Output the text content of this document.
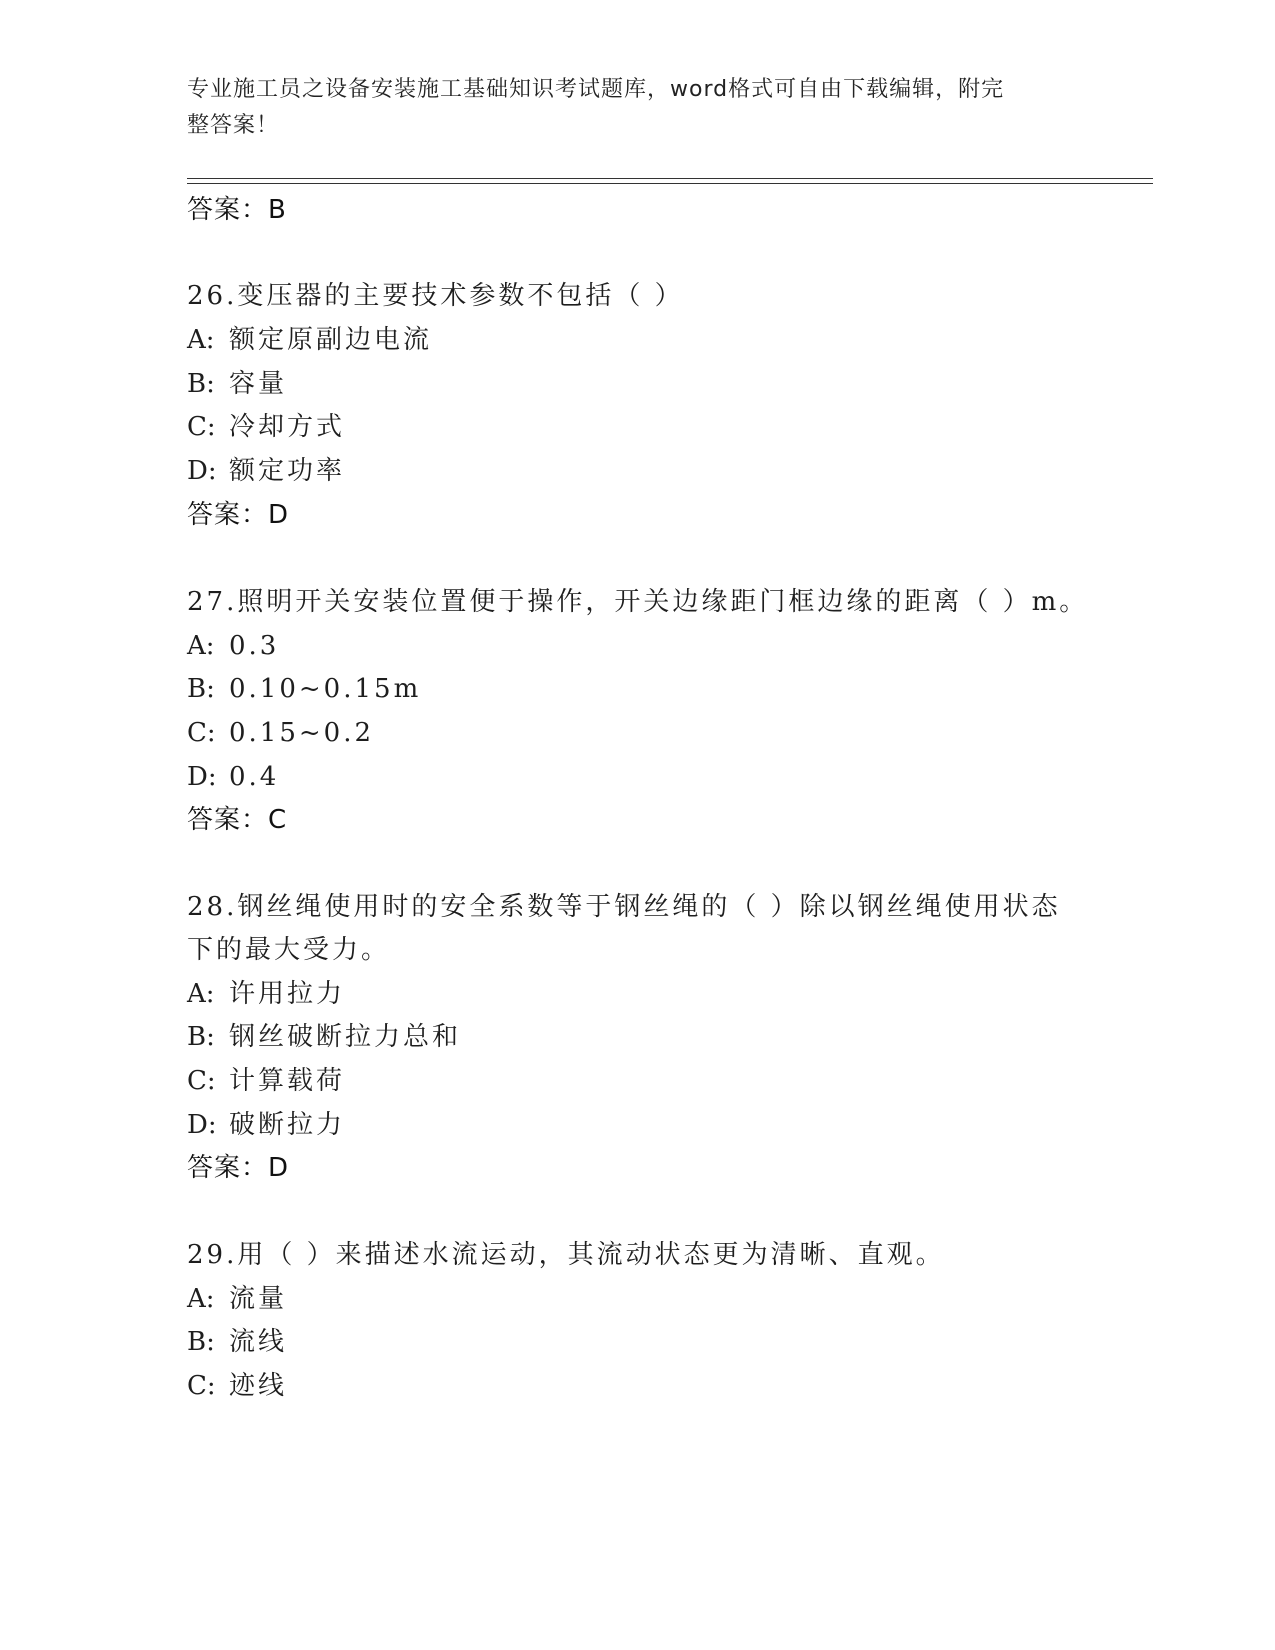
专业施工员之设备安装施工基础知识考试题库，word格式可自由下载编辑，附完
整答案！
答案：B
26.变压器的主要技术参数不包括（ ）
A: 额定原副边电流
B: 容量
C: 冷却方式
D: 额定功率
答案：D
27.照明开关安装位置便于操作，开关边缘距门框边缘的距离（ ）m。
A: 0.3
B: 0.10~0.15m
C: 0.15~0.2
D: 0.4
答案：C
28.钢丝绳使用时的安全系数等于钢丝绳的（ ）除以钢丝绳使用状态
下的最大受力。
A: 许用拉力
B: 钢丝破断拉力总和
C: 计算载荷
D: 破断拉力
答案：D
29.用（ ）来描述水流运动，其流动状态更为清晰、直观。
A: 流量
B: 流线
C: 迹线
